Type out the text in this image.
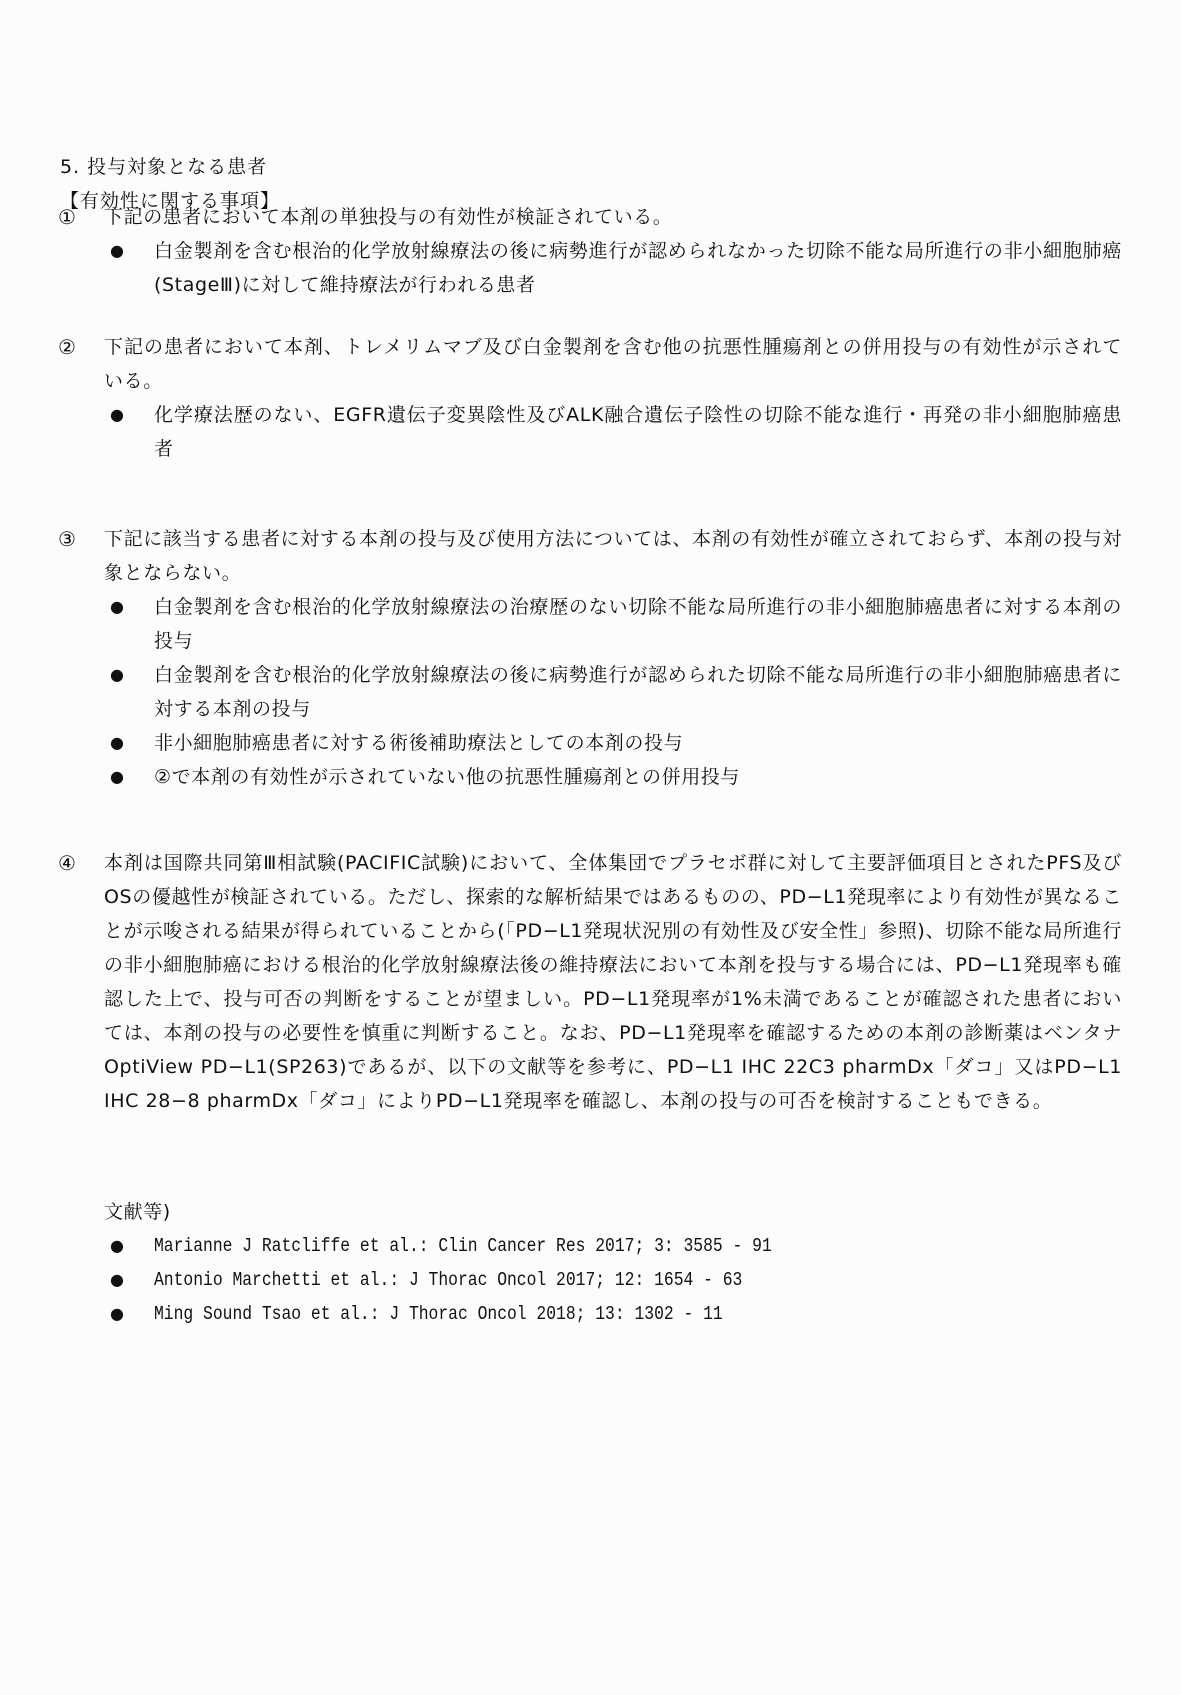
5. 投与対象となる患者
【有効性に関する事項】
①	下記の患者において本剤の単独投与の有効性が検証されている。
●	白金製剤を含む根治的化学放射線療法の後に病勢進行が認められなかった切除不能な局所進行の非小細胞肺癌(StageⅢ)に対して維持療法が行われる患者
②	下記の患者において本剤、トレメリムマブ及び白金製剤を含む他の抗悪性腫瘍剤との併用投与の有効性が示されている。
●	化学療法歴のない、EGFR遺伝子変異陰性及びALK融合遺伝子陰性の切除不能な進行・再発の非小細胞肺癌患者
③	下記に該当する患者に対する本剤の投与及び使用方法については、本剤の有効性が確立されておらず、本剤の投与対象とならない。
●	白金製剤を含む根治的化学放射線療法の治療歴のない切除不能な局所進行の非小細胞肺癌患者に対する本剤の投与
●	白金製剤を含む根治的化学放射線療法の後に病勢進行が認められた切除不能な局所進行の非小細胞肺癌患者に対する本剤の投与
●	非小細胞肺癌患者に対する術後補助療法としての本剤の投与
●	②で本剤の有効性が示されていない他の抗悪性腫瘍剤との併用投与
④	本剤は国際共同第Ⅲ相試験(PACIFIC試験)において、全体集団でプラセボ群に対して主要評価項目とされたPFS及びOSの優越性が検証されている。ただし、探索的な解析結果ではあるものの、PD−L1発現率により有効性が異なることが示唆される結果が得られていることから(「PD−L1発現状況別の有効性及び安全性」参照)、切除不能な局所進行の非小細胞肺癌における根治的化学放射線療法後の維持療法において本剤を投与する場合には、PD−L1発現率も確認した上で、投与可否の判断をすることが望ましい。PD−L1発現率が1%未満であることが確認された患者においては、本剤の投与の必要性を慎重に判断すること。なお、PD−L1発現率を確認するための本剤の診断薬はベンタナOptiView PD−L1(SP263)であるが、以下の文献等を参考に、PD−L1 IHC 22C3 pharmDx「ダコ」又はPD−L1 IHC 28−8 pharmDx「ダコ」によりPD−L1発現率を確認し、本剤の投与の可否を検討することもできる。
文献等)
●	Marianne J Ratcliffe et al.: Clin Cancer Res 2017; 3: 3585 - 91
●	Antonio Marchetti et al.: J Thorac Oncol 2017; 12: 1654 - 63
●	Ming Sound Tsao et al.: J Thorac Oncol 2018; 13: 1302 - 11
